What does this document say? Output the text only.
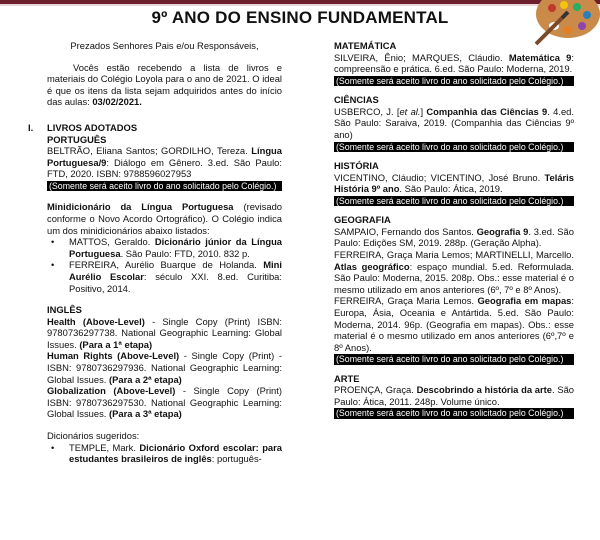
9º ANO DO ENSINO FUNDAMENTAL

Prezados Senhores Pais e/ou Responsáveis,

Vocês estão recebendo a lista de livros e materiais do Colégio Loyola para o ano de 2021. O ideal é que os itens da lista sejam adquiridos antes do início das aulas: 03/02/2021.

I. LIVROS ADOTADOS

PORTUGUÊS

BELTRÃO, Eliana Santos; GORDILHO, Tereza. Língua Portuguesa/9: Diálogo em Gênero. 3.ed. São Paulo: FTD, 2020. ISBN: 9788596027953

(Somente será aceito livro do ano solicitado pelo Colégio.)

Minidicionário da Língua Portuguesa (revisado conforme o Novo Acordo Ortográfico). O Colégio indica um dos minidicionários abaixo listados:

• MATTOS, Geraldo. Dicionário júnior da Língua Portuguesa. São Paulo: FTD, 2010. 832 p.
• FERREIRA, Aurélio Buarque de Holanda. Mini Aurélio Escolar: século XXI. 8.ed. Curitiba: Positivo, 2014.

INGLÊS

Health (Above-Level) - Single Copy (Print) ISBN: 9780736297738. National Geographic Learning: Global Issues. (Para a 1ª etapa)

Human Rights (Above-Level) - Single Copy (Print) - ISBN: 9780736297936. National Geographic Learning: Global Issues. (Para a 2ª etapa)

Globalization (Above-Level) - Single Copy (Print) ISBN: 9780736297530. National Geographic Learning: Global Issues. (Para a 3ª etapa)

Dicionários sugeridos:

• TEMPLE, Mark. Dicionário Oxford escolar: para estudantes brasileiros de inglês: português-

MATEMÁTICA

SILVEIRA, Ênio; MARQUES, Cláudio. Matemática 9: compreensão e prática. 6.ed. São Paulo: Moderna, 2019.

(Somente será aceito livro do ano solicitado pelo Colégio.)

CIÊNCIAS

USBERCO, J. [et al.] Companhia das Ciências 9. 4.ed. São Paulo: Saraiva, 2019. (Companhia das Ciências 9º ano)

(Somente será aceito livro do ano solicitado pelo Colégio.)

HISTÓRIA

VICENTINO, Cláudio; VICENTINO, José Bruno. Teláris História 9º ano. São Paulo: Ática, 2019.

(Somente será aceito livro do ano solicitado pelo Colégio.)

GEOGRAFIA

SAMPAIO, Fernando dos Santos. Geografia 9. 3.ed. São Paulo: Edições SM, 2019. 288p. (Geração Alpha).

FERREIRA, Graça Maria Lemos; MARTINELLI, Marcello. Atlas geográfico: espaço mundial. 5.ed. Reformulada. São Paulo: Moderna, 2015. 208p. Obs.: esse material é o mesmo utilizado em anos anteriores (6º, 7º e 8º Anos).

FERREIRA, Graça Maria Lemos. Geografia em mapas: Europa, Ásia, Oceania e Antártida. 5.ed. São Paulo: Moderna, 2014. 96p. (Geografia em mapas). Obs.: esse material é o mesmo utilizado em anos anteriores (6º,7º e 8º Anos).

(Somente será aceito livro do ano solicitado pelo Colégio.)

ARTE

PROENÇA, Graça. Descobrindo a história da arte. São Paulo: Ática, 2011. 248p. Volume único.

(Somente será aceito livro do ano solicitado pelo Colégio.)
